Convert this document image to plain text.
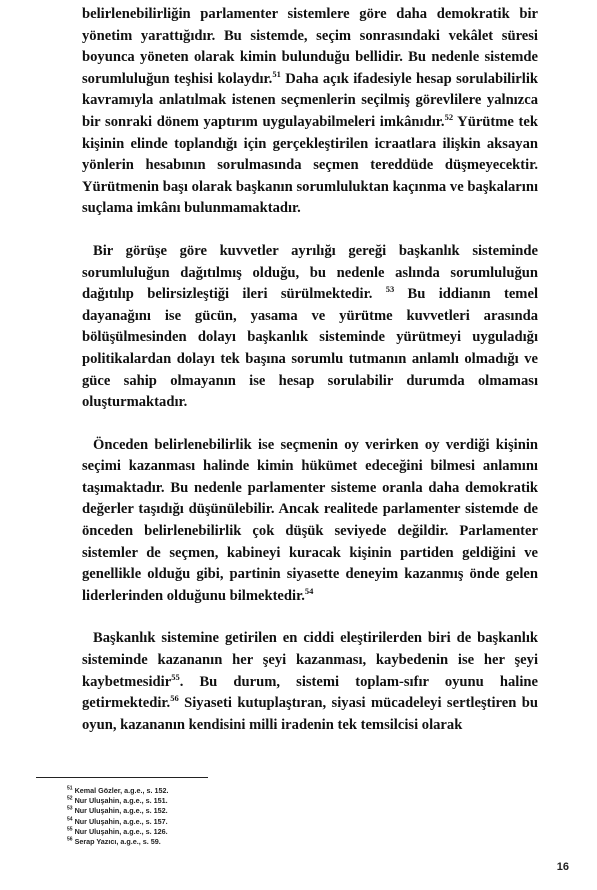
belirlenebilirliğin parlamenter sistemlere göre daha demokratik bir yönetim yarattığıdır. Bu sistemde, seçim sonrasındaki vekâlet süresi boyunca yöneten olarak kimin bulunduğu bellidir. Bu nedenle sistemde sorumluluğun teşhisi kolaydır.$^{51}$ Daha açık ifadesiyle hesap sorulabilirlik kavramıyla anlatılmak istenen seçmenlerin seçilmiş görevlilere yalnızca bir sonraki dönem yaptırım uygulayabilmeleri imkânıdır.$^{52}$ Yürütme tek kişinin elinde toplandığı için gerçekleştirilen icraatlara ilişkin aksayan yönlerin hesabının sorulmasında seçmen tereddüde düşmeyecektir. Yürütmenin başı olarak başkanın sorumluluktan kaçınma ve başkalarını suçlama imkânı bulunmamaktadır.
Bir görüşe göre kuvvetler ayrılığı gereği başkanlık sisteminde sorumluluğun dağıtılmış olduğu, bu nedenle aslında sorumluluğun dağıtılıp belirsizleştiği ileri sürülmektedir. $^{53}$ Bu iddianın temel dayanağını ise gücün, yasama ve yürütme kuvvetleri arasında bölüşülmesinden dolayı başkanlık sisteminde yürütmeyi uyguladığı politikalardan dolayı tek başına sorumlu tutmanın anlamlı olmadığı ve güce sahip olmayanın ise hesap sorulabilir durumda olmaması oluşturmaktadır.
Önceden belirlenebilirlik ise seçmenin oy verirken oy verdiği kişinin seçimi kazanması halinde kimin hükümet edeceğini bilmesi anlamını taşımaktadır. Bu nedenle parlamenter sisteme oranla daha demokratik değerler taşıdığı düşünülebilir. Ancak realitede parlamenter sistemde de önceden belirlenebilirlik çok düşük seviyede değildir. Parlamenter sistemler de seçmen, kabineyi kuracak kişinin partiden geldiğini ve genellikle olduğu gibi, partinin siyasette deneyim kazanmış önde gelen liderlerinden olduğunu bilmektedir.$^{54}$
Başkanlık sistemine getirilen en ciddi eleştirilerden biri de başkanlık sisteminde kazananın her şeyi kazanması, kaybedenin ise her şeyi kaybetmesidir$^{55}$. Bu durum, sistemi toplam-sıfır oyunu haline getirmektedir.$^{56}$ Siyaseti kutuplaştıran, siyasi mücadeleyi sertleştiren bu oyun, kazananın kendisini milli iradenin tek temsilcisi olarak
$^{51}$ Kemal Gözler, a.g.e., s. 152.
$^{52}$ Nur Uluşahin, a.g.e., s. 151.
$^{53}$ Nur Uluşahin, a.g.e., s. 152.
$^{54}$ Nur Uluşahin, a.g.e., s. 157.
$^{55}$ Nur Uluşahin, a.g.e., s. 126.
$^{56}$ Serap Yazıcı, a.g.e., s. 59.
16
